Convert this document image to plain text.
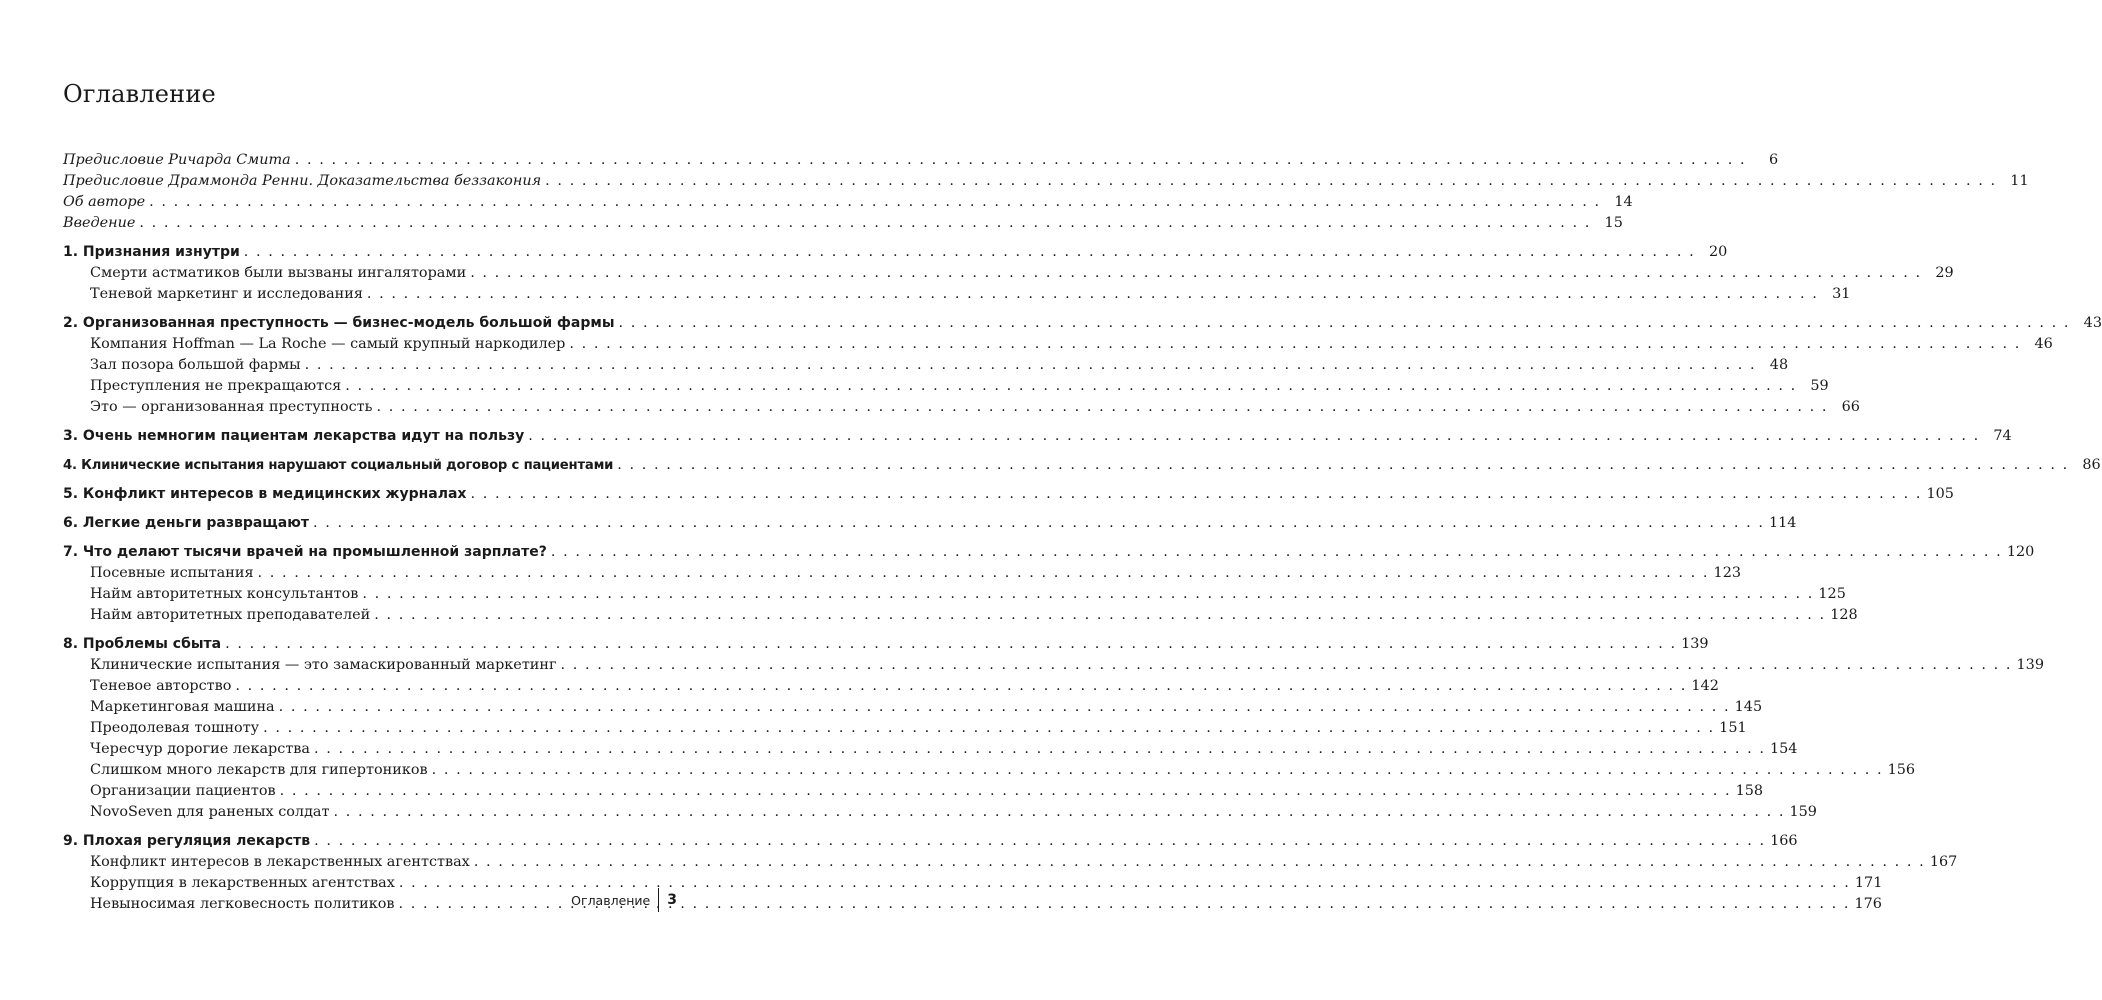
Оглавление
Предисловие Ричарда Смита . . .	6
Предисловие Драммонда Ренни. Доказательства беззакония . . .	11
Об авторе . . .	14
Введение . . .	15
1. Признания изнутри . . .	20
Смерти астматиков были вызваны ингаляторами . . .	29
Теневой маркетинг и исследования . . .	31
2. Организованная преступность — бизнес-модель большой фармы . . .	43
Компания Hoffman — La Roche — самый крупный наркодилер . . .	46
Зал позора большой фармы . . .	48
Преступления не прекращаются . . .	59
Это — организованная преступность . . .	66
3. Очень немногим пациентам лекарства идут на пользу . . .	74
4. Клинические испытания нарушают социальный договор с пациентами . . .	86
5. Конфликт интересов в медицинских журналах . . .	105
6. Легкие деньги развращают . . .	114
7. Что делают тысячи врачей на промышленной зарплате? . . .	120
Посевные испытания . . .	123
Найм авторитетных консультантов . . .	125
Найм авторитетных преподавателей . . .	128
8. Проблемы сбыта . . .	139
Клинические испытания — это замаскированный маркетинг . . .	139
Теневое авторство . . .	142
Маркетинговая машина . . .	145
Преодолевая тошноту . . .	151
Чересчур дорогие лекарства . . .	154
Слишком много лекарств для гипертоников . . .	156
Организации пациентов . . .	158
NovoSeven для раненых солдат . . .	159
9. Плохая регуляция лекарств . . .	166
Конфликт интересов в лекарственных агентствах . . .	167
Коррупция в лекарственных агентствах . . .	171
Невыносимая легковесность политиков . . .	176
Оглавление 3
